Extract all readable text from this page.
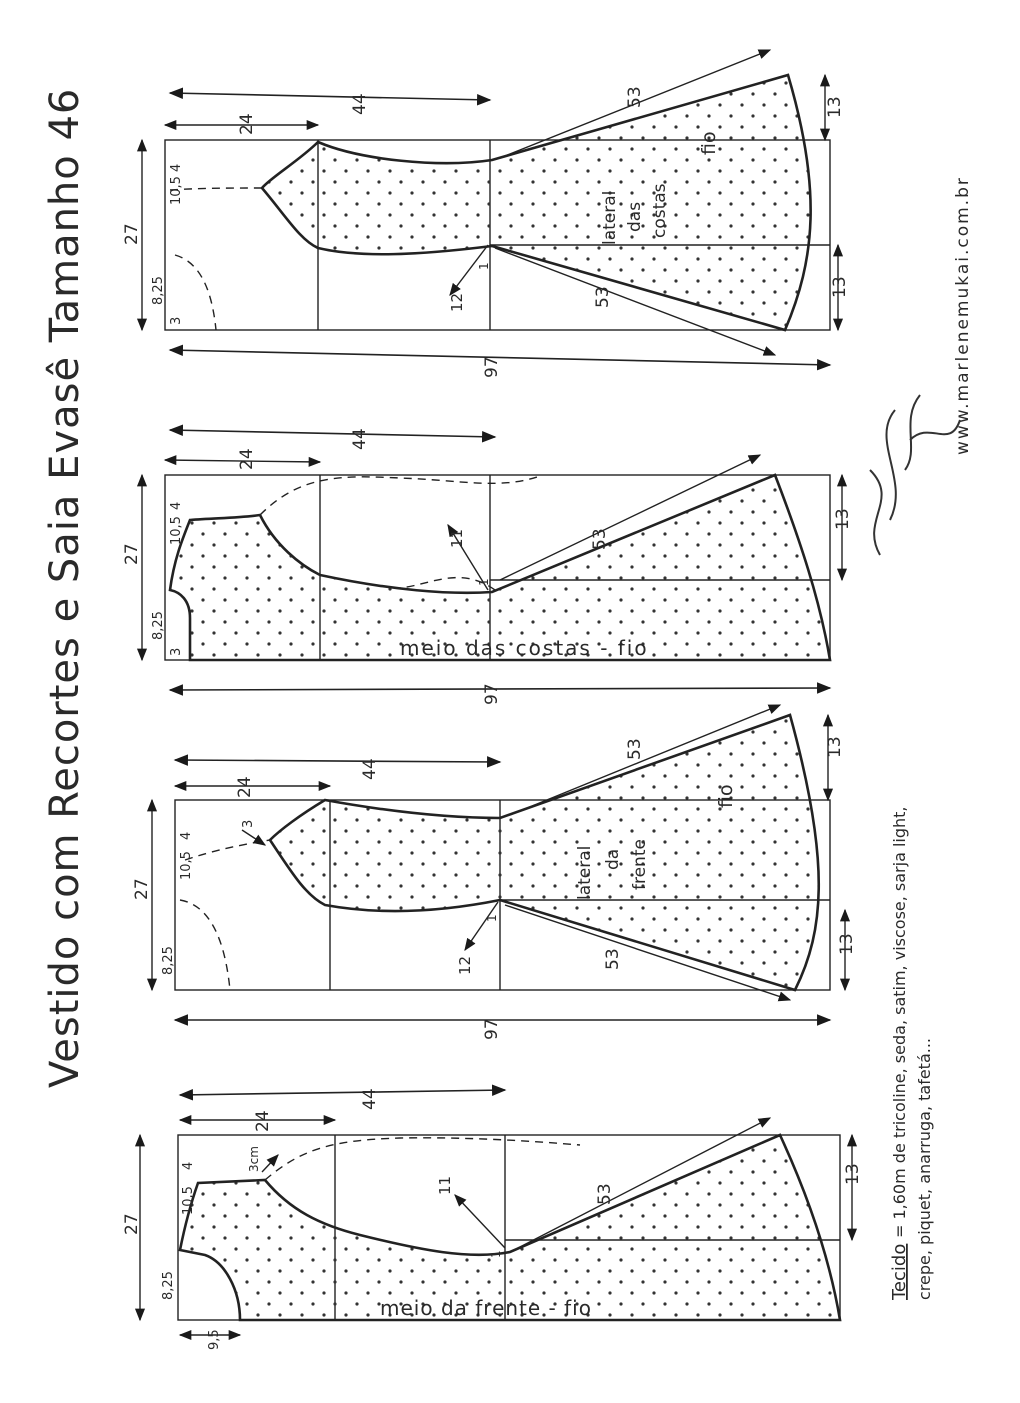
Vestido com Recortes e Saia Evasê Tamanho 46	www.marlenemukai.com.br
Tecido
= 1,60m de tricoline, seda, satim, viscose, sarja light, crepe, piquet, anarruga, tafetá...
lateral das costas
fio
97
44
24
27
10,5
4
8,25
3
13
13
53
53
12
1
meio das costas - fio
97
44
24
27
10,5
4
8,25
3
13
53
11
1
lateral da frente
fio
97
44
24
27
10,5
4
8,25
3
13
13
53
53
12
1
meio da frente - fio
44
24
27
10,5
4
8,25
9,5
3cm
13
53
11
1
